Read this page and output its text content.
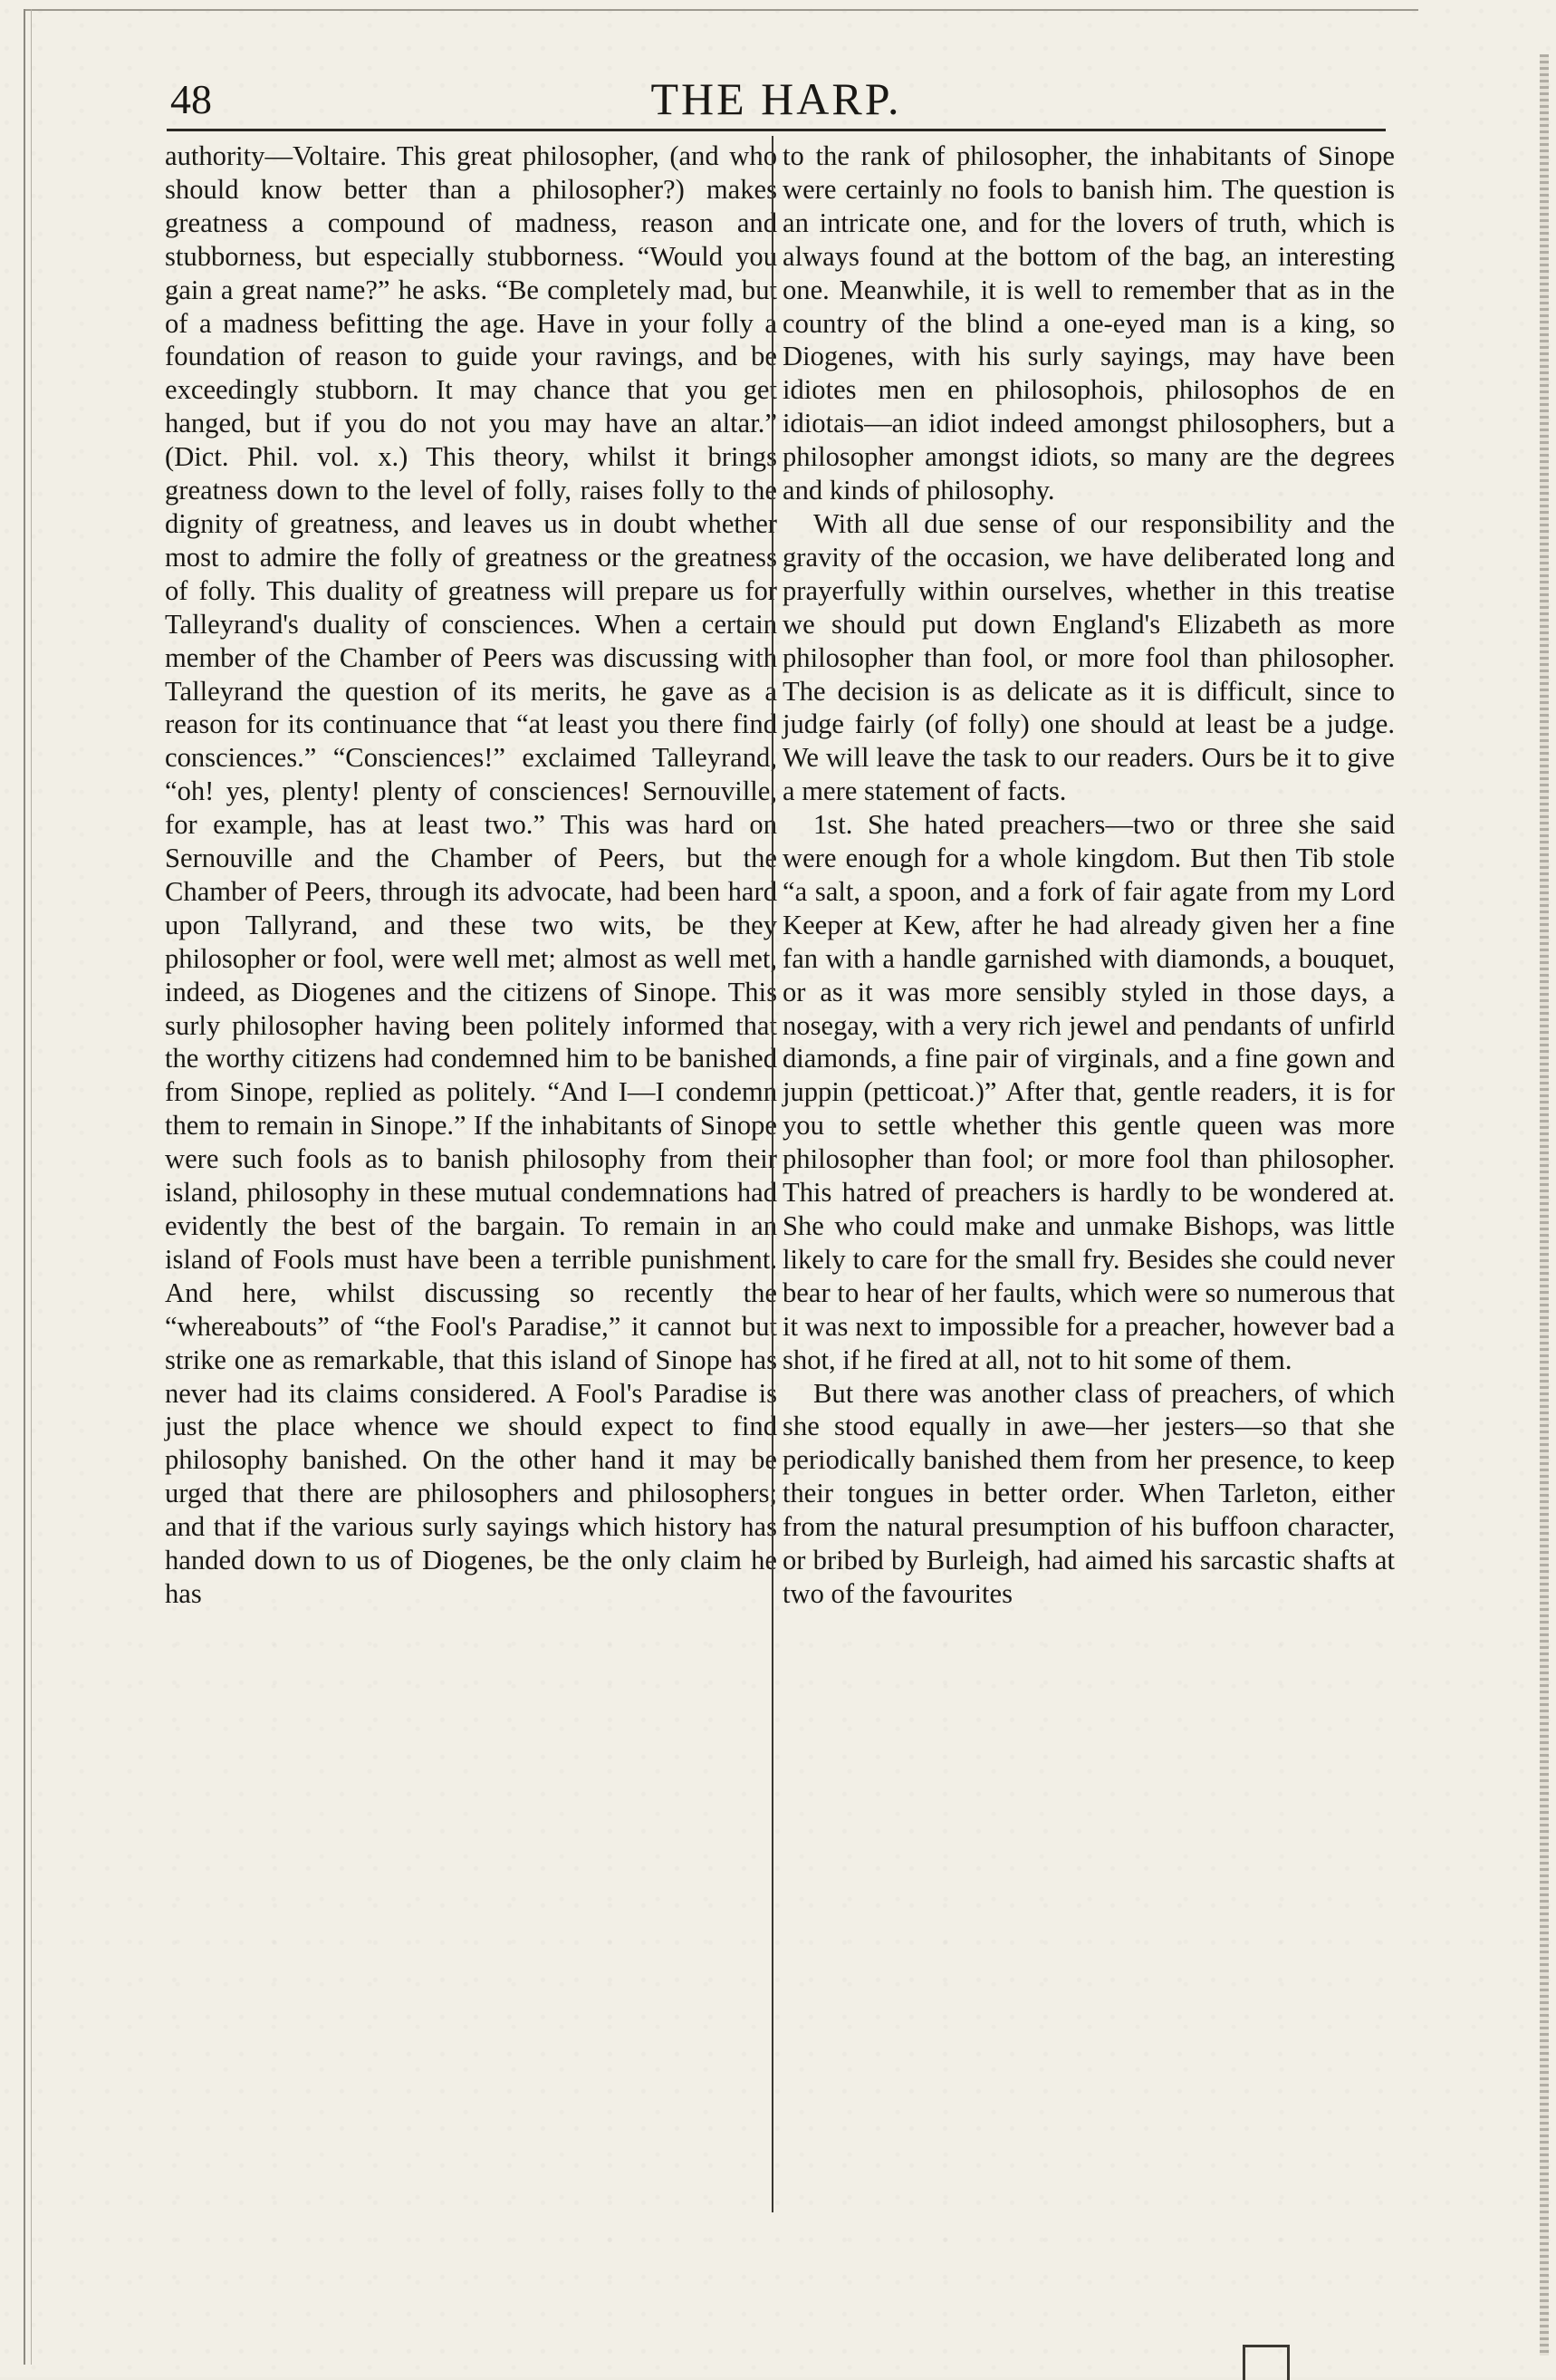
48	THE HARP.

authority—Voltaire. This great philosopher, (and who should know better than a philosopher?) makes greatness a compound of madness, reason and stubborness, but especially stubborness. “Would you gain a great name?” he asks. “Be completely mad, but of a madness befitting the age. Have in your folly a foundation of reason to guide your ravings, and be exceedingly stubborn. It may chance that you get hanged, but if you do not you may have an altar.” (Dict. Phil. vol. x.) This theory, whilst it brings greatness down to the level of folly, raises folly to the dignity of greatness, and leaves us in doubt whether most to admire the folly of greatness or the greatness of folly. This duality of greatness will prepare us for Talleyrand's duality of consciences. When a certain member of the Chamber of Peers was discussing with Talleyrand the question of its merits, he gave as a reason for its continuance that “at least you there find consciences.” “Consciences!” exclaimed Talleyrand, “oh! yes, plenty! plenty of consciences! Sernouville, for example, has at least two.” This was hard on Sernouville and the Chamber of Peers, but the Chamber of Peers, through its advocate, had been hard upon Tallyrand, and these two wits, be they philosopher or fool, were well met; almost as well met, indeed, as Diogenes and the citizens of Sinope. This surly philosopher having been politely informed that the worthy citizens had condemned him to be banished from Sinope, replied as politely. “And I—I condemn them to remain in Sinope.” If the inhabitants of Sinope were such fools as to banish philosophy from their island, philosophy in these mutual condemnations had evidently the best of the bargain. To remain in an island of Fools must have been a terrible punishment. And here, whilst discussing so recently the “whereabouts” of “the Fool's Paradise,” it cannot but strike one as remarkable, that this island of Sinope has never had its claims considered. A Fool's Paradise is just the place whence we should expect to find philosophy banished. On the other hand it may be urged that there are philosophers and philosophers; and that if the various surly sayings which history has handed down to us of Diogenes, be the only claim he has

to the rank of philosopher, the inhabitants of Sinope were certainly no fools to banish him. The question is an intricate one, and for the lovers of truth, which is always found at the bottom of the bag, an interesting one. Meanwhile, it is well to remember that as in the country of the blind a one-eyed man is a king, so Diogenes, with his surly sayings, may have been idiotes men en philosophois, philosophos de en idiotais—an idiot indeed amongst philosophers, but a philosopher amongst idiots, so many are the degrees and kinds of philosophy.

With all due sense of our responsibility and the gravity of the occasion, we have deliberated long and prayerfully within ourselves, whether in this treatise we should put down England's Elizabeth as more philosopher than fool, or more fool than philosopher. The decision is as delicate as it is difficult, since to judge fairly (of folly) one should at least be a judge. We will leave the task to our readers. Ours be it to give a mere statement of facts.

1st. She hated preachers—two or three she said were enough for a whole kingdom. But then Tib stole “a salt, a spoon, and a fork of fair agate from my Lord Keeper at Kew, after he had already given her a fine fan with a handle garnished with diamonds, a bouquet, or as it was more sensibly styled in those days, a nosegay, with a very rich jewel and pendants of unfirld diamonds, a fine pair of virginals, and a fine gown and juppin (petticoat.)” After that, gentle readers, it is for you to settle whether this gentle queen was more philosopher than fool; or more fool than philosopher. This hatred of preachers is hardly to be wondered at. She who could make and unmake Bishops, was little likely to care for the small fry. Besides she could never bear to hear of her faults, which were so numerous that it was next to impossible for a preacher, however bad a shot, if he fired at all, not to hit some of them.

But there was another class of preachers, of which she stood equally in awe—her jesters—so that she periodically banished them from her presence, to keep their tongues in better order. When Tarleton, either from the natural presumption of his buffoon character, or bribed by Burleigh, had aimed his sarcastic shafts at two of the favourites
